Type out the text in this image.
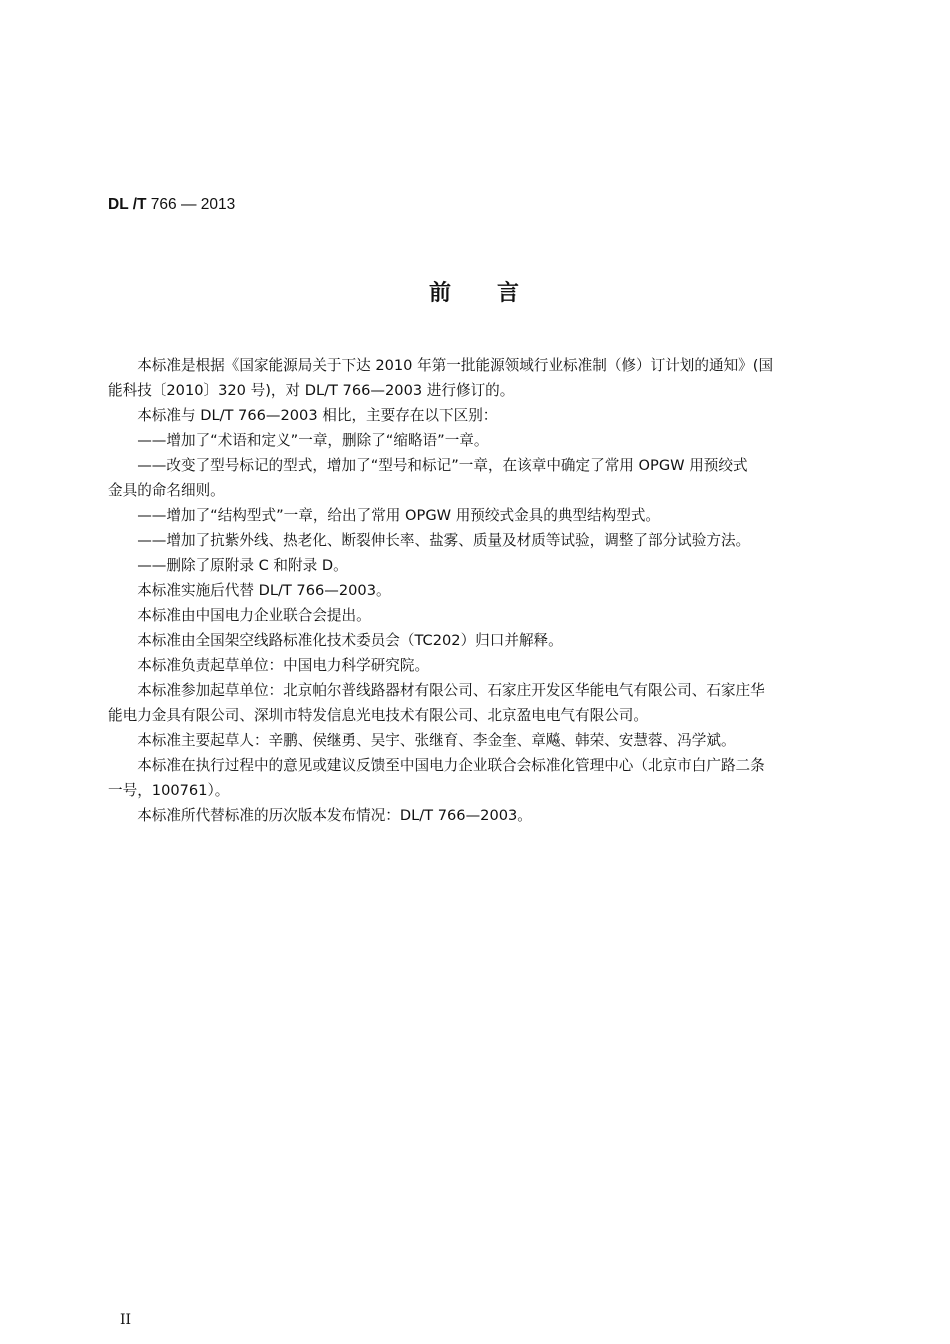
DL /T 766 — 2013
前 言

本标准是根据《国家能源局关于下达 2010 年第一批能源领域行业标准制（修）订计划的通知》(国
能科技〔2010〕320 号)，对 DL/T 766—2003 进行修订的。

本标准与 DL/T 766—2003 相比，主要存在以下区别：

——增加了“术语和定义”一章，删除了“缩略语”一章。

——改变了型号标记的型式，增加了“型号和标记”一章，在该章中确定了常用 OPGW 用预绞式
金具的命名细则。

——增加了“结构型式”一章，给出了常用 OPGW 用预绞式金具的典型结构型式。

——增加了抗紫外线、热老化、断裂伸长率、盐雾、质量及材质等试验，调整了部分试验方法。

——删除了原附录 C 和附录 D。

本标准实施后代替 DL/T 766—2003。

本标准由中国电力企业联合会提出。

本标准由全国架空线路标准化技术委员会（TC202）归口并解释。

本标准负责起草单位：中国电力科学研究院。

本标准参加起草单位：北京帕尔普线路器材有限公司、石家庄开发区华能电气有限公司、石家庄华
能电力金具有限公司、深圳市特发信息光电技术有限公司、北京盈电电气有限公司。

本标准主要起草人：辛鹏、侯继勇、吴宇、张继育、李金奎、章飚、韩荣、安慧蓉、冯学斌。

本标准在执行过程中的意见或建议反馈至中国电力企业联合会标准化管理中心（北京市白广路二条
一号，100761）。

本标准所代替标准的历次版本发布情况：DL/T 766—2003。

II
